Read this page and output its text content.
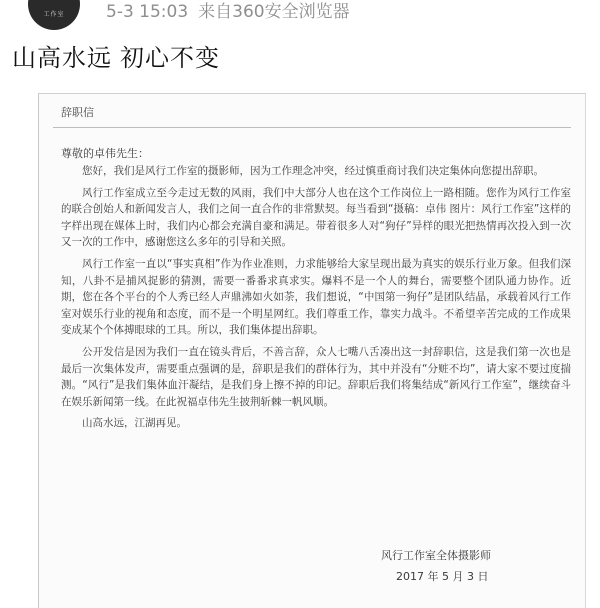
工作室	5-3 15:03 来自360安全浏览器
山高水远 初心不变
辞职信
尊敬的卓伟先生：

您好，我们是风行工作室的摄影师，因为工作理念冲突，经过慎重商讨我们决定集体向您提出辞职。

风行工作室成立至今走过无数的风雨，我们中大部分人也在这个工作岗位上一路相随。您作为风行工作室的联合创始人和新闻发言人，我们之间一直合作的非常默契。每当看到“摄稿：卓伟 图片：风行工作室”这样的字样出现在媒体上时，我们内心都会充满自豪和满足。带着很多人对“狗仔”异样的眼光把热情再次投入到一次又一次的工作中，感谢您这么多年的引导和关照。

风行工作室一直以“事实真相”作为作业准则，力求能够给大家呈现出最为真实的娱乐行业万象。但我们深知，八卦不是捕风捉影的猜测，需要一番番求真求实。爆料不是一个人的舞台，需要整个团队通力协作。近期，您在各个平台的个人秀已经人声鼎沸如火如荼，我们想说，“中国第一狗仔”是团队结晶，承载着风行工作室对娱乐行业的视角和态度，而不是一个明星网红。我们尊重工作，靠实力战斗。不希望辛苦完成的工作成果变成某个个体搏眼球的工具。所以，我们集体提出辞职。

公开发信是因为我们一直在镜头背后，不善言辞，众人七嘴八舌凑出这一封辞职信，这是我们第一次也是最后一次集体发声，需要重点强调的是，辞职是我们的群体行为，其中并没有“分赃不均”，请大家不要过度揣测。“风行”是我们集体血汗凝结，是我们身上擦不掉的印记。辞职后我们将集结成“新风行工作室”，继续奋斗在娱乐新闻第一线。在此祝福卓伟先生披荆斩棘一帆风顺。

山高水远，江湖再见。

风行工作室全体摄影师
2017 年 5 月 3 日
